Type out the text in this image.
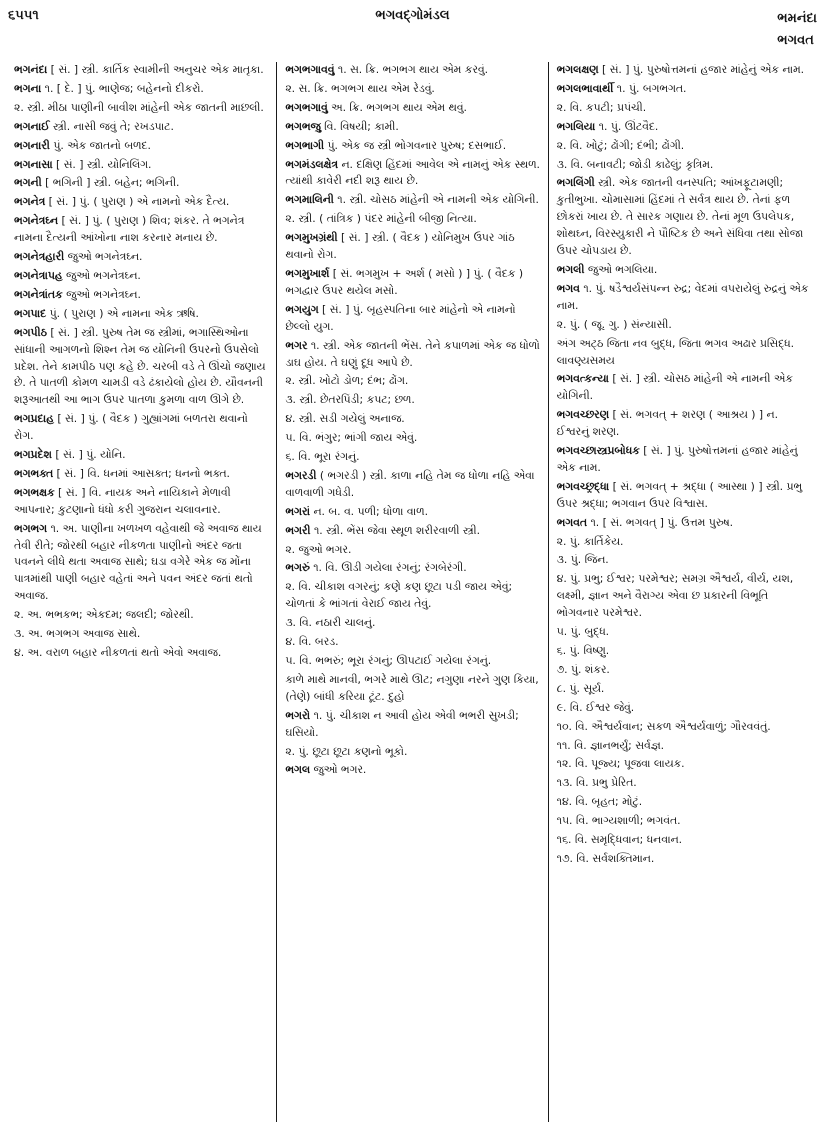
૬૫૫૧	ભગવદ્ગોમંડલ	ભમનંદા
ભગવત
ભગનંદા [ સં. ] સ્ત્રી. કાર્તિક સ્વામીની અનુચર એક માતૃકા.
ભગના ૧. [ દે. ] પું. ભાણેજ; બહેનનો દીકરો.
૨. સ્ત્રી. મીઠા પાણીની બાવીશ માંહેની એક જાતની માછલી.
ભગનાઈ સ્ત્રી. નાસી જવું તે; રખડપાટ.
ભગનારી પું. એક જાતનો બળદ.
ભગનાસા [ સં. ] સ્ત્રી. યોનિલિંગ.
ભગની [ ભગિની ] સ્ત્રી. બહેન; ભગિની.
ભગનેત્ર [ સં. ] પું. ( પુરાણ ) એ નામનો એક દૈત્ય.
ભગનેત્રઘ્ન [ સં. ] પું. ( પુરાણ ) શિવ; શંકર. તે ભગનેત્ર નામના દૈત્યની આંખોના નાશ કરનાર મનાય છે.
ભગનેત્રહારી જુઓ ભગનેત્રઘ્ન.
ભગનેત્રાપહ જુઓ ભગનેત્રઘ્ન.
ભગનેત્રાંતક જુઓ ભગનેત્રઘ્ન.
ભગપાદ પું. ( પુરાણ ) એ નામના એક ઋષિ.
ભગપીઠ [ સં. ] સ્ત્રી. પુરુષ તેમ જ સ્ત્રીમાં, ભગાસ્થિઓના સાંધાની આગળનો શિશ્ન તેમ જ યોનિની ઉપરનો ઉપસેલો પ્રદેશ. તેને કામપીઠ પણ કહે છે. ચરબી વડે તે ઊંચો જણાય છે. તે પાતળી કોમળ ચામડી વડે ઢંકાયેલો હોય છે. યૌવનની શરૂઆતથી આ ભાગ ઉપર પાતળા કુમળા વાળ ઊગે છે.
ભગપ્રદાહ [ સં. ] પું. ( વૈદક ) ગુહ્યાંગમાં બળતરા થવાનો રોગ.
ભગપ્રદેશ [ સં. ] પું. યોનિ.
ભગભક્ત [ સં. ] વિ. ધનમાં આસક્ત; ધનનો ભક્ત.
ભગભક્ષક [ સં. ] વિ. નાયક અને નાયિકાને મેળાવી આપનાર; કુટણાનો ધંધો કરી ગુજરાન ચલાવનાર.
ભગભગ ૧. અ. પાણીના ખળખળ વહેવાથી જે અવાજ થાય તેવી રીતે; જોરથી બહાર નીકળતા પાણીનો અંદર જતા પવનને લીધે થતા અવાજ સાથે; ઘડા વગેરે એક જ મોંના પાત્રમાંથી પાણી બહાર વહેતાં અને પવન અંદર જતાં થતો અવાજ.
૨. અ. ભભકભ; એકદમ; જલદી; જોરથી.
૩. અ. ભગભગ અવાજ સાથે.
૪. અ. વરાળ બહાર નીકળતાં થતો એવો અવાજ.
ભગભગાવવું ૧. સ. ક્રિ. ભગભગ થાય એમ કરવું.
૨. સ. ક્રિ. ભગભગ થાય એમ રેડવું.
ભગભગાવું અ. ક્રિ. ભગભગ થાય એમ થવું.
ભગભજુ વિ. વિષયી; કામી.
ભગભાગી પું. એક જ સ્ત્રી ભોગવનાર પુરુષ; દસભાઈ.
ભગમંડલક્ષેત્ર ન. દક્ષિણ હિંદમાં આવેલ એ નામનું એક સ્થળ. ત્યાંથી કાવેરી નદી શરૂ થાય છે.
ભગમાલિની ૧. સ્ત્રી. ચોસઠ માંહેની એ નામની એક યોગિની.
૨. સ્ત્રી. ( તાંત્રિક ) પંદર માંહેની બીજી નિત્યા.
ભગમુખગ્રંથી [ સં. ] સ્ત્રી. ( વૈદક ) યોનિમુખ ઉપર ગાંઠ થવાનો રોગ.
ભગમુખાર્શ [ સં. ભગમુખ + અર્શ ( મસો ) ] પું. ( વૈદક ) ભગદ્વાર ઉપર થયેલ મસો.
ભગયુગ [ સં. ] પું. બૃહસ્પતિના બાર માંહેનો એ નામનો છેલ્લો યુગ.
ભગર ૧. સ્ત્રી. એક જાતની ભેંસ. તેને કપાળમાં એક જ ધોળો ડાઘ હોય. તે ઘણું દૂધ આપે છે.
૨. સ્ત્રી. ખોટો ડોળ; દંભ; ઢોંગ.
૩. સ્ત્રી. છેતરપિંડી; કપટ; છળ.
૪. સ્ત્રી. સડી ગયેલું અનાજ.
૫. વિ. ભંગુર; ભાંગી જાય એવું.
૬. વિ. ભૂરા રંગનું.
ભગરડી ( ભગરડી ) સ્ત્રી. કાળા નહિ તેમ જ ધોળા નહિ એવા વાળવાળી ગધેડી.
ભગરાં ન. બ. વ. પળી; ધોળા વાળ.
ભગરી ૧. સ્ત્રી. ભેંસ જેવા સ્થૂળ શરીરવાળી સ્ત્રી.
૨. જુઓ ભગર.
ભગરું ૧. વિ. ઊડી ગયેલા રંગનું; રંગબેરંગી.
૨. વિ. ચીકાશ વગરનું; કણે કણ છૂટા પડી જાય એવું; ચોળતાં કે ભાંગતાં વેરાઈ જાય તેવું.
૩. વિ. નઠારી ચાલનું.
૪. વિ. બરડ.
૫. વિ. ભભરું; ભૂરા રંગનું; ઊપટાઈ ગયેલા રંગનું.
કાળે માથે માનવી, ભગરે માથે ઊટ; નગુણા નરને ગુણ કિયા, (તેણે) બાંધી કરિયા ટૂંટ. દુહો
ભગરો ૧. પું. ચીકાશ ન આવી હોય એવી ભભરી સુખડી; ઘસિયો.
૨. પું. છૂટા છૂટા કણનો ભૂકો.
ભગલ જુઓ ભગર.
ભગલક્ષણ [ સં. ] પું. પુરુષોત્તમનાં હજાર માંહેનું એક નામ.
ભગલભાવાર્થી ૧. પું. બગભગત.
૨. વિ. કપટી; પ્રપંચી.
ભગલિયા ૧. પું. ઊંટવૈદ.
૨. વિ. ખોટું; ઢોંગી; દંભી; ઢોંગી.
૩. વિ. બનાવટી; જોડી કાઢેલું; કૃત્રિમ.
ભગલિંગી સ્ત્રી. એક જાતની વનસ્પતિ; આંખફૂટામણી; કુતીભુખા. ચોમાસામાં હિંદમાં તે સર્વત્ર થાય છે. તેનાં ફળ છોકરાં ખાય છે. તે સારક ગણાય છે. તેનાં મૂળ ઉપલેપક, શોથઘ્ન, વિરસ્યુકારી ને પૌષ્ટિક છે અને સંધિવા તથા સોજા ઉપર ચોપડાય છે.
ભગલી જુઓ ભગલિયા.
ભગવ ૧. પું. ષડૈશ્વર્યસંપન્ન રુદ્ર; વેદમાં વપરાયેલું રુદ્રનું એક નામ.
૨. પું. ( જૂ. ગુ. ) સંન્યાસી.
અંગ અટ્ઠ જિતા નવ બુદ્ધ, જિતા ભગવ અઢાર પ્રસિદ્ધ. લાવણ્યસમય
ભગવત્કન્યા [ સં. ] સ્ત્રી. ચોસઠ માંહેની એ નામની એક યોગિની.
ભગવચ્છરણ [ સં. ભગવત્ + શરણ ( આશ્રય ) ] ન. ઈશ્વરનું શરણ.
ભગવચ્છાસ્ત્રપ્રબોધક [ સં. ] પું. પુરુષોત્તમનાં હજાર માંહેનું એક નામ.
ભગવચ્છ્રદ્ધા [ સં. ભગવત્ + શ્રદ્ધા ( આસ્થા ) ] સ્ત્રી. પ્રભુ ઉપર શ્રદ્ધા; ભગવાન ઉપર વિશ્વાસ.
ભગવત ૧. [ સં. ભગવત્ ] પું. ઉત્તમ પુરુષ.
૨. પું. કાર્તિકેય.
૩. પું. જિન.
૪. પું. પ્રભુ; ઈશ્વર; પરમેશ્વર; સમગ્ર ઐશ્વર્ય, વીર્ય, યશ, લક્ષ્મી, જ્ઞાન અને વૈરાગ્ય એવા છ પ્રકારની વિભૂતિ ભોગવનાર પરમેશ્વર.
૫. પું. બુદ્ધ.
૬. પું. વિષ્ણુ.
૭. પું. શંકર.
૮. પું. સૂર્ય.
૯. વિ. ઈશ્વર જેવું.
૧૦. વિ. ઐશ્વર્યવાન; સકળ ઐશ્વર્યવાળું; ગૌરવવંતું.
૧૧. વિ. જ્ઞાનભર્યું; સર્વજ્ઞ.
૧૨. વિ. પૂજ્ય; પૂજવા લાયક.
૧૩. વિ. પ્રભુ પ્રેરિત.
૧૪. વિ. બૃહત; મોટું.
૧૫. વિ. ભાગ્યશાળી; ભગવંત.
૧૬. વિ. સમૃદ્ધિવાન; ધનવાન.
૧૭. વિ. સર્વશક્તિમાન.
